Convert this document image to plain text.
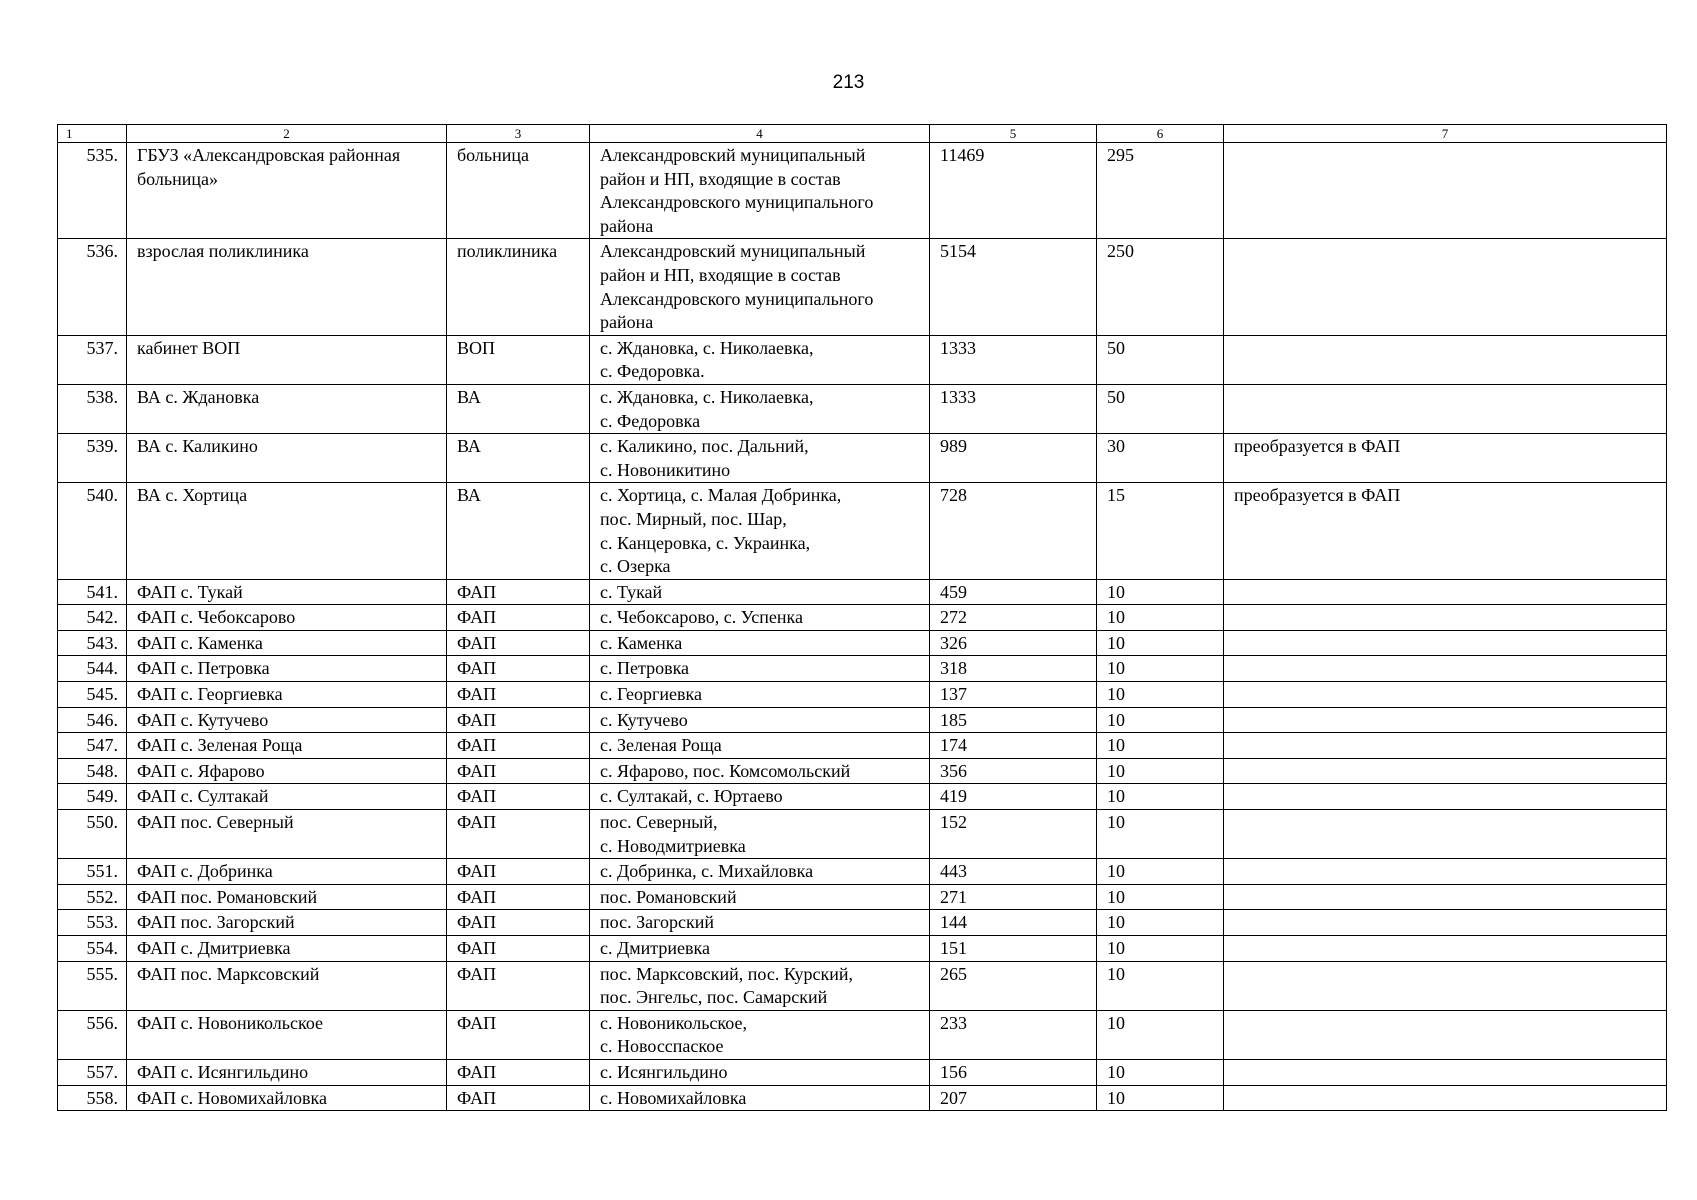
213
1	2	3	4	5	6	7
535.	ГБУЗ «Александровская районная больница»	больница	Александровский муниципальный
район и НП, входящие в состав
Александровского муниципального
района	11469	295	
536.	взрослая поликлиника	поликлиника	Александровский муниципальный
район и НП, входящие в состав
Александровского муниципального
района	5154	250	
537.	кабинет ВОП	ВОП	с. Ждановка, с. Николаевка,
с. Федоровка.	1333	50	
538.	ВА с. Ждановка	ВА	с. Ждановка, с. Николаевка,
с. Федоровка	1333	50	
539.	ВА с. Каликино	ВА	с. Каликино, пос. Дальний,
с. Новоникитино	989	30	преобразуется в ФАП
540.	ВА с. Хортица	ВА	с. Хортица, с. Малая Добринка,
пос. Мирный, пос. Шар,
с. Канцеровка, с. Украинка,
с. Озерка	728	15	преобразуется в ФАП
541.	ФАП с. Тукай	ФАП	с. Тукай	459	10	
542.	ФАП с. Чебоксарово	ФАП	с. Чебоксарово, с. Успенка	272	10	
543.	ФАП с. Каменка	ФАП	с. Каменка	326	10	
544.	ФАП с. Петровка	ФАП	с. Петровка	318	10	
545.	ФАП с. Георгиевка	ФАП	с. Георгиевка	137	10	
546.	ФАП с. Кутучево	ФАП	с. Кутучево	185	10	
547.	ФАП с. Зеленая Роща	ФАП	с. Зеленая Роща	174	10	
548.	ФАП с. Яфарово	ФАП	с. Яфарово, пос. Комсомольский	356	10	
549.	ФАП с. Султакай	ФАП	с. Султакай, с. Юртаево	419	10	
550.	ФАП пос. Северный	ФАП	пос. Северный,
с. Новодмитриевка	152	10	
551.	ФАП с. Добринка	ФАП	с. Добринка, с. Михайловка	443	10	
552.	ФАП пос. Романовский	ФАП	пос. Романовский	271	10	
553.	ФАП пос. Загорский	ФАП	пос. Загорский	144	10	
554.	ФАП с. Дмитриевка	ФАП	с. Дмитриевка	151	10	
555.	ФАП пос. Марксовский	ФАП	пос. Марксовский, пос. Курский,
пос. Энгельс, пос. Самарский	265	10	
556.	ФАП с. Новоникольское	ФАП	с. Новоникольское,
с. Новосспаское	233	10	
557.	ФАП с. Исянгильдино	ФАП	с. Исянгильдино	156	10	
558.	ФАП с. Новомихайловка	ФАП	с. Новомихайловка	207	10	
